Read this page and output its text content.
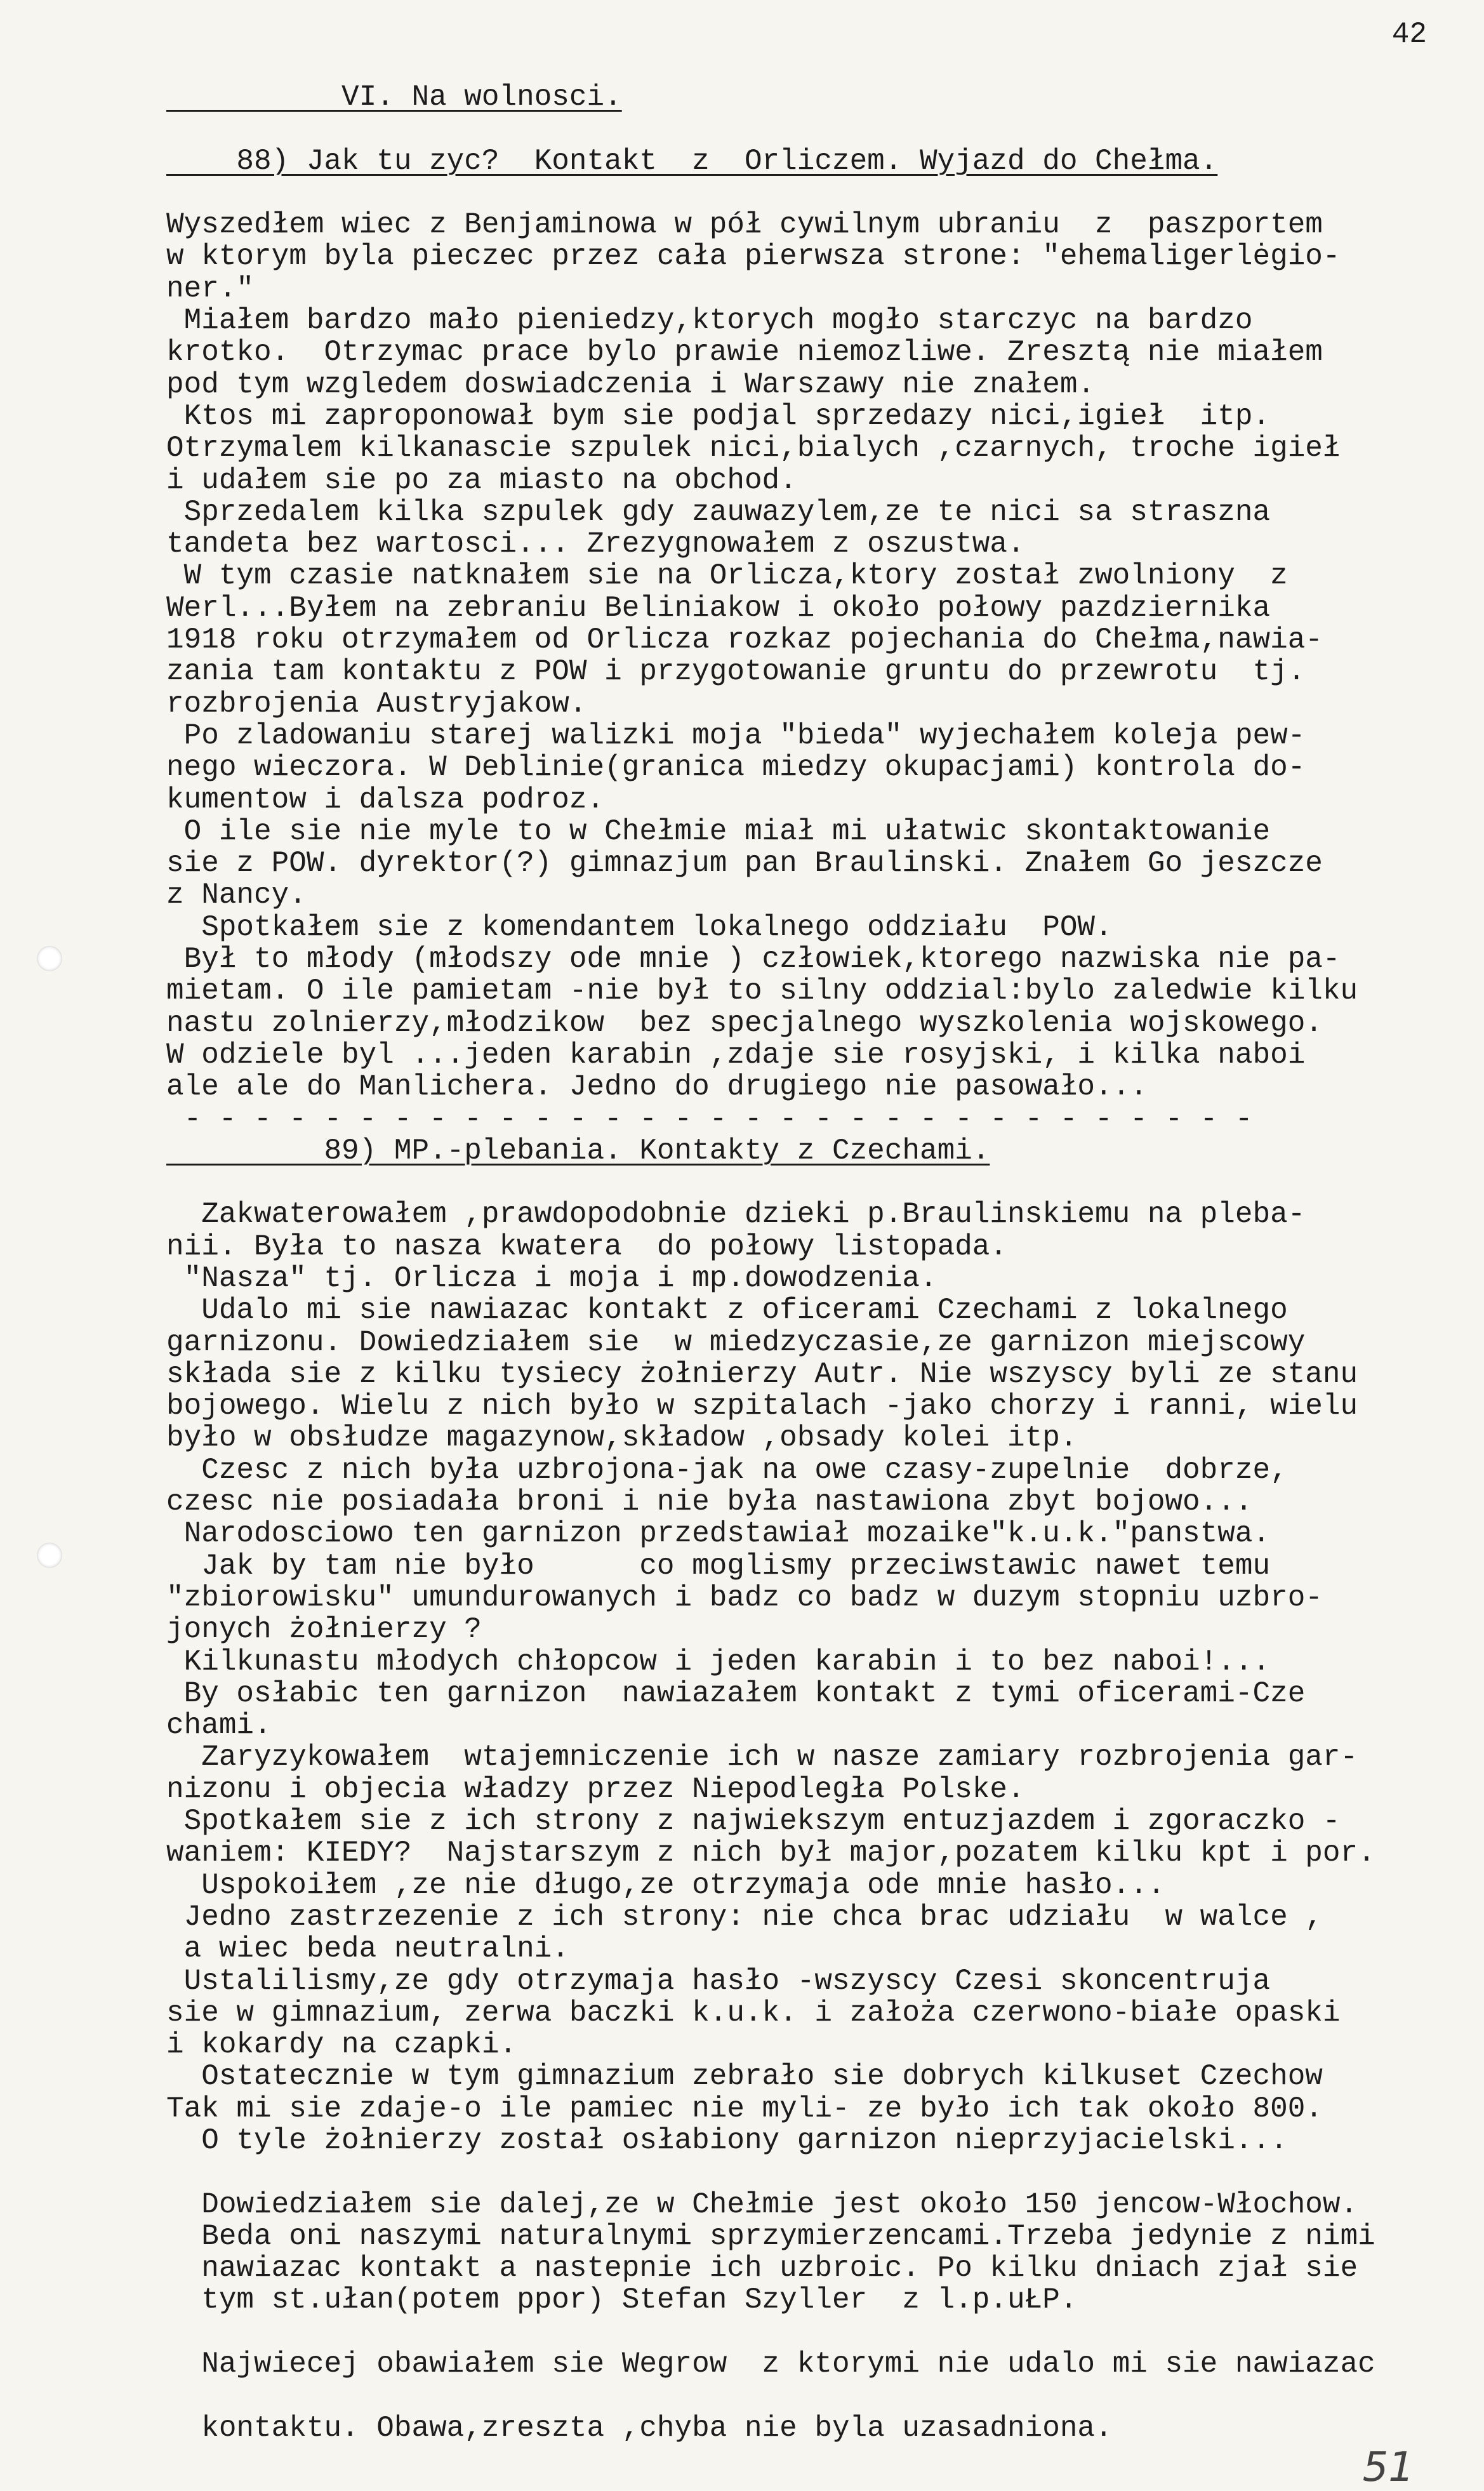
42
VI. Na wolnosci.
88) Jak tu zyc?  Kontakt  z  Orliczem. Wyjazd do Chełma.
Wyszedłem wiec z Benjaminowa w pół cywilnym ubraniu  z  paszportem
w ktorym byla pieczec przez cała pierwsza strone: "ehemaligerlėgio-
ner."
Miałem bardzo mało pieniedzy,ktorych mogło starczyc na bardzo
krotko.  Otrzymac prace bylo prawie niemozliwe. Zresztą nie miałem
pod tym wzgledem doswiadczenia i Warszawy nie znałem.
Ktos mi zaproponował bym sie podjal sprzedazy nici,igieł  itp.
Otrzymalem kilkanascie szpulek nici,bialych ,czarnych, troche igieł
i udałem sie po za miasto na obchod.
Sprzedalem kilka szpulek gdy zauwazylem,ze te nici sa straszna
tandeta bez wartosci... Zrezygnowałem z oszustwa.
W tym czasie natknałem sie na Orlicza,ktory został zwolniony  z
Werl...Byłem na zebraniu Beliniakow i około połowy pazdziernika
1918 roku otrzymałem od Orlicza rozkaz pojechania do Chełma,nawia-
zania tam kontaktu z POW i przygotowanie gruntu do przewrotu  tj.
rozbrojenia Austryjakow.
Po zladowaniu starej walizki moja "bieda" wyjechałem koleja pew-
nego wieczora. W Deblinie(granica miedzy okupacjami) kontrola do-
kumentow i dalsza podroz.
O ile sie nie myle to w Chełmie miał mi ułatwic skontaktowanie
sie z POW. dyrektor(?) gimnazjum pan Braulinski. Znałem Go jeszcze
z Nancy.
Spotkałem sie z komendantem lokalnego oddziału  POW.
Był to młody (młodszy ode mnie ) człowiek,ktorego nazwiska nie pa-
mietam. O ile pamietam -nie był to silny oddzial:bylo zaledwie kilku
nastu zolnierzy,młodzikow  bez specjalnego wyszkolenia wojskowego.
W odziele byl ...jeden karabin ,zdaje sie rosyjski, i kilka naboi
ale ale do Manlichera. Jedno do drugiego nie pasowało...
- - - - - - - - - - - - - - - - - - - - - - - - - - - - - - -
89) MP.-plebania. Kontakty z Czechami.
Zakwaterowałem ,prawdopodobnie dzieki p.Braulinskiemu na pleba-
nii. Była to nasza kwatera  do połowy listopada.
"Nasza" tj. Orlicza i moja i mp.dowodzenia.
Udalo mi sie nawiazac kontakt z oficerami Czechami z lokalnego
garnizonu. Dowiedziałem sie  w miedzyczasie,ze garnizon miejscowy
składa sie z kilku tysiecy żołnierzy Autr. Nie wszyscy byli ze stanu
bojowego. Wielu z nich było w szpitalach -jako chorzy i ranni, wielu
było w obsłudze magazynow,składow ,obsady kolei itp.
Czesc z nich była uzbrojona-jak na owe czasy-zupelnie  dobrze,
czesc nie posiadała broni i nie była nastawiona zbyt bojowo...
Narodosciowo ten garnizon przedstawiał mozaike"k.u.k."panstwa.
Jak by tam nie było      co moglismy przeciwstawic nawet temu
"zbiorowisku" umundurowanych i badz co badz w duzym stopniu uzbro-
jonych żołnierzy ?
Kilkunastu młodych chłopcow i jeden karabin i to bez naboi!...
By osłabic ten garnizon  nawiazałem kontakt z tymi oficerami-Cze
chami.
Zaryzykowałem  wtajemniczenie ich w nasze zamiary rozbrojenia gar-
nizonu i objecia władzy przez Niepodległa Polske.
Spotkałem sie z ich strony z najwiekszym entuzjazdem i zgoraczko -
waniem: KIEDY?  Najstarszym z nich był major,pozatem kilku kpt i por.
Uspokoiłem ,ze nie długo,ze otrzymaja ode mnie hasło...
Jedno zastrzezenie z ich strony: nie chca brac udziału  w walce ,
a wiec beda neutralni.
Ustalilismy,ze gdy otrzymaja hasło -wszyscy Czesi skoncentruja
sie w gimnazium, zerwa baczki k.u.k. i założa czerwono-białe opaski
i kokardy na czapki.
Ostatecznie w tym gimnazium zebrało sie dobrych kilkuset Czechow
Tak mi sie zdaje-o ile pamiec nie myli- ze było ich tak około 800.
O tyle żołnierzy został osłabiony garnizon nieprzyjacielski...
Dowiedziałem sie dalej,ze w Chełmie jest około 150 jencow-Włochow.
Beda oni naszymi naturalnymi sprzymierzencami.Trzeba jedynie z nimi
nawiazac kontakt a nastepnie ich uzbroic. Po kilku dniach zjał sie
tym st.ułan(potem ppor) Stefan Szyller  z l.p.uŁP.
Najwiecej obawiałem sie Wegrow  z ktorymi nie udalo mi sie nawiazac
kontaktu. Obawa,zreszta ,chyba nie byla uzasadniona.
51
